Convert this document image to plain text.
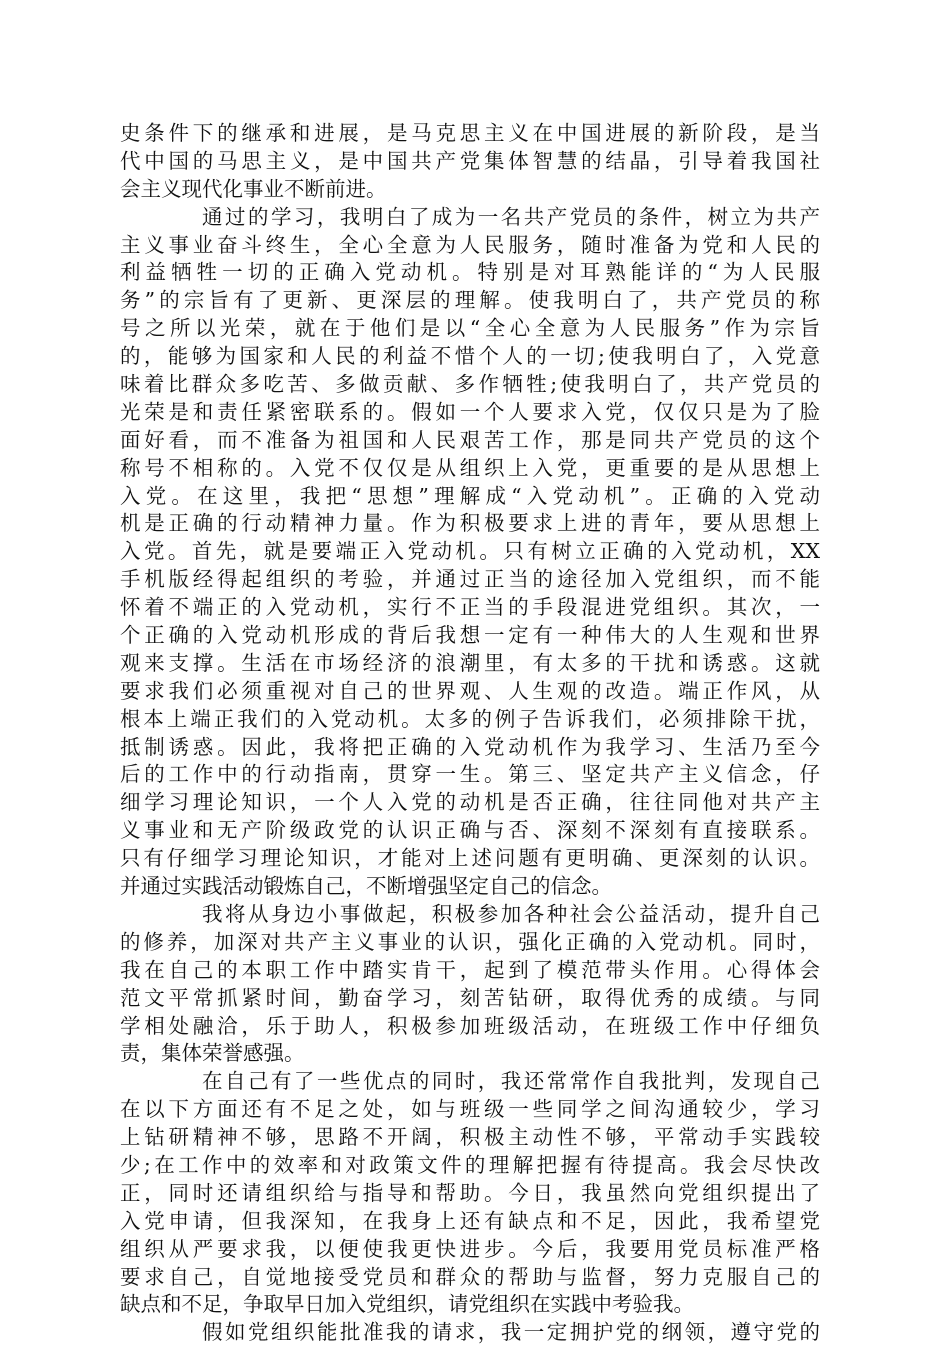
史条件下的继承和进展，是马克思主义在中国进展的新阶段，是当
代中国的马思主义，是中国共产党集体智慧的结晶，引导着我国社
会主义现代化事业不断前进。
通过的学习，我明白了成为一名共产党员的条件，树立为共产
主义事业奋斗终生，全心全意为人民服务，随时准备为党和人民的
利益牺牲一切的正确入党动机。特别是对耳熟能详的“为人民服
务”的宗旨有了更新、更深层的理解。使我明白了，共产党员的称
号之所以光荣，就在于他们是以“全心全意为人民服务”作为宗旨
的，能够为国家和人民的利益不惜个人的一切;使我明白了，入党意
味着比群众多吃苦、多做贡献、多作牺牲;使我明白了，共产党员的
光荣是和责任紧密联系的。假如一个人要求入党，仅仅只是为了脸
面好看，而不准备为祖国和人民艰苦工作，那是同共产党员的这个
称号不相称的。入党不仅仅是从组织上入党，更重要的是从思想上
入党。在这里，我把“思想”理解成“入党动机”。正确的入党动
机是正确的行动精神力量。作为积极要求上进的青年，要从思想上
入党。首先，就是要端正入党动机。只有树立正确的入党动机，XX
手机版经得起组织的考验，并通过正当的途径加入党组织，而不能
怀着不端正的入党动机，实行不正当的手段混进党组织。其次，一
个正确的入党动机形成的背后我想一定有一种伟大的人生观和世界
观来支撑。生活在市场经济的浪潮里，有太多的干扰和诱惑。这就
要求我们必须重视对自己的世界观、人生观的改造。端正作风，从
根本上端正我们的入党动机。太多的例子告诉我们，必须排除干扰，
抵制诱惑。因此，我将把正确的入党动机作为我学习、生活乃至今
后的工作中的行动指南，贯穿一生。第三、坚定共产主义信念，仔
细学习理论知识，一个人入党的动机是否正确，往往同他对共产主
义事业和无产阶级政党的认识正确与否、深刻不深刻有直接联系。
只有仔细学习理论知识，才能对上述问题有更明确、更深刻的认识。
并通过实践活动锻炼自己，不断增强坚定自己的信念。
我将从身边小事做起，积极参加各种社会公益活动，提升自己
的修养，加深对共产主义事业的认识，强化正确的入党动机。同时，
我在自己的本职工作中踏实肯干，起到了模范带头作用。心得体会
范文平常抓紧时间，勤奋学习，刻苦钻研，取得优秀的成绩。与同
学相处融洽，乐于助人，积极参加班级活动，在班级工作中仔细负
责，集体荣誉感强。
在自己有了一些优点的同时，我还常常作自我批判，发现自己
在以下方面还有不足之处，如与班级一些同学之间沟通较少，学习
上钻研精神不够，思路不开阔，积极主动性不够，平常动手实践较
少;在工作中的效率和对政策文件的理解把握有待提高。我会尽快改
正，同时还请组织给与指导和帮助。今日，我虽然向党组织提出了
入党申请，但我深知，在我身上还有缺点和不足，因此，我希望党
组织从严要求我，以便使我更快进步。今后，我要用党员标准严格
要求自己，自觉地接受党员和群众的帮助与监督，努力克服自己的
缺点和不足，争取早日加入党组织，请党组织在实践中考验我。
假如党组织能批准我的请求，我一定拥护党的纲领，遵守党的
